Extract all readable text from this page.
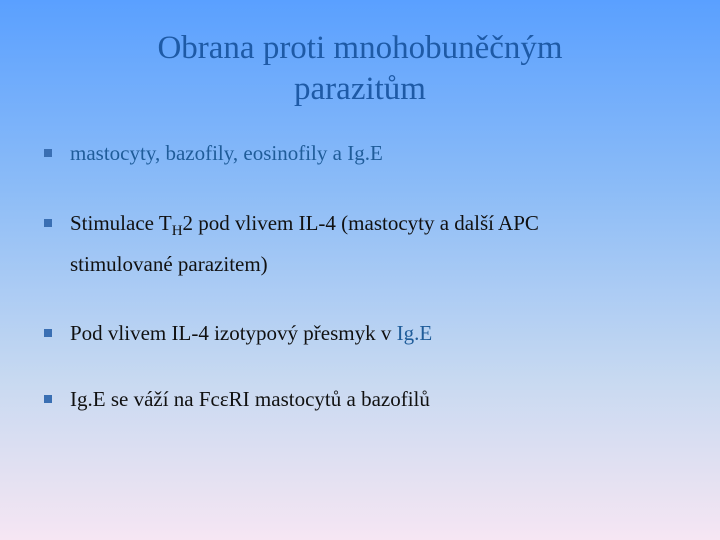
Obrana proti mnohobuněčným
parazitům
mastocyty, bazofily, eosinofily a Ig.E
Stimulace $T_H2$ pod vlivem IL-4 (mastocyty a další APC
stimulované parazitem)
Pod vlivem IL-4 izotypový přesmyk v Ig.E
Ig.E se váží na FcεRI mastocytů a bazofilů
